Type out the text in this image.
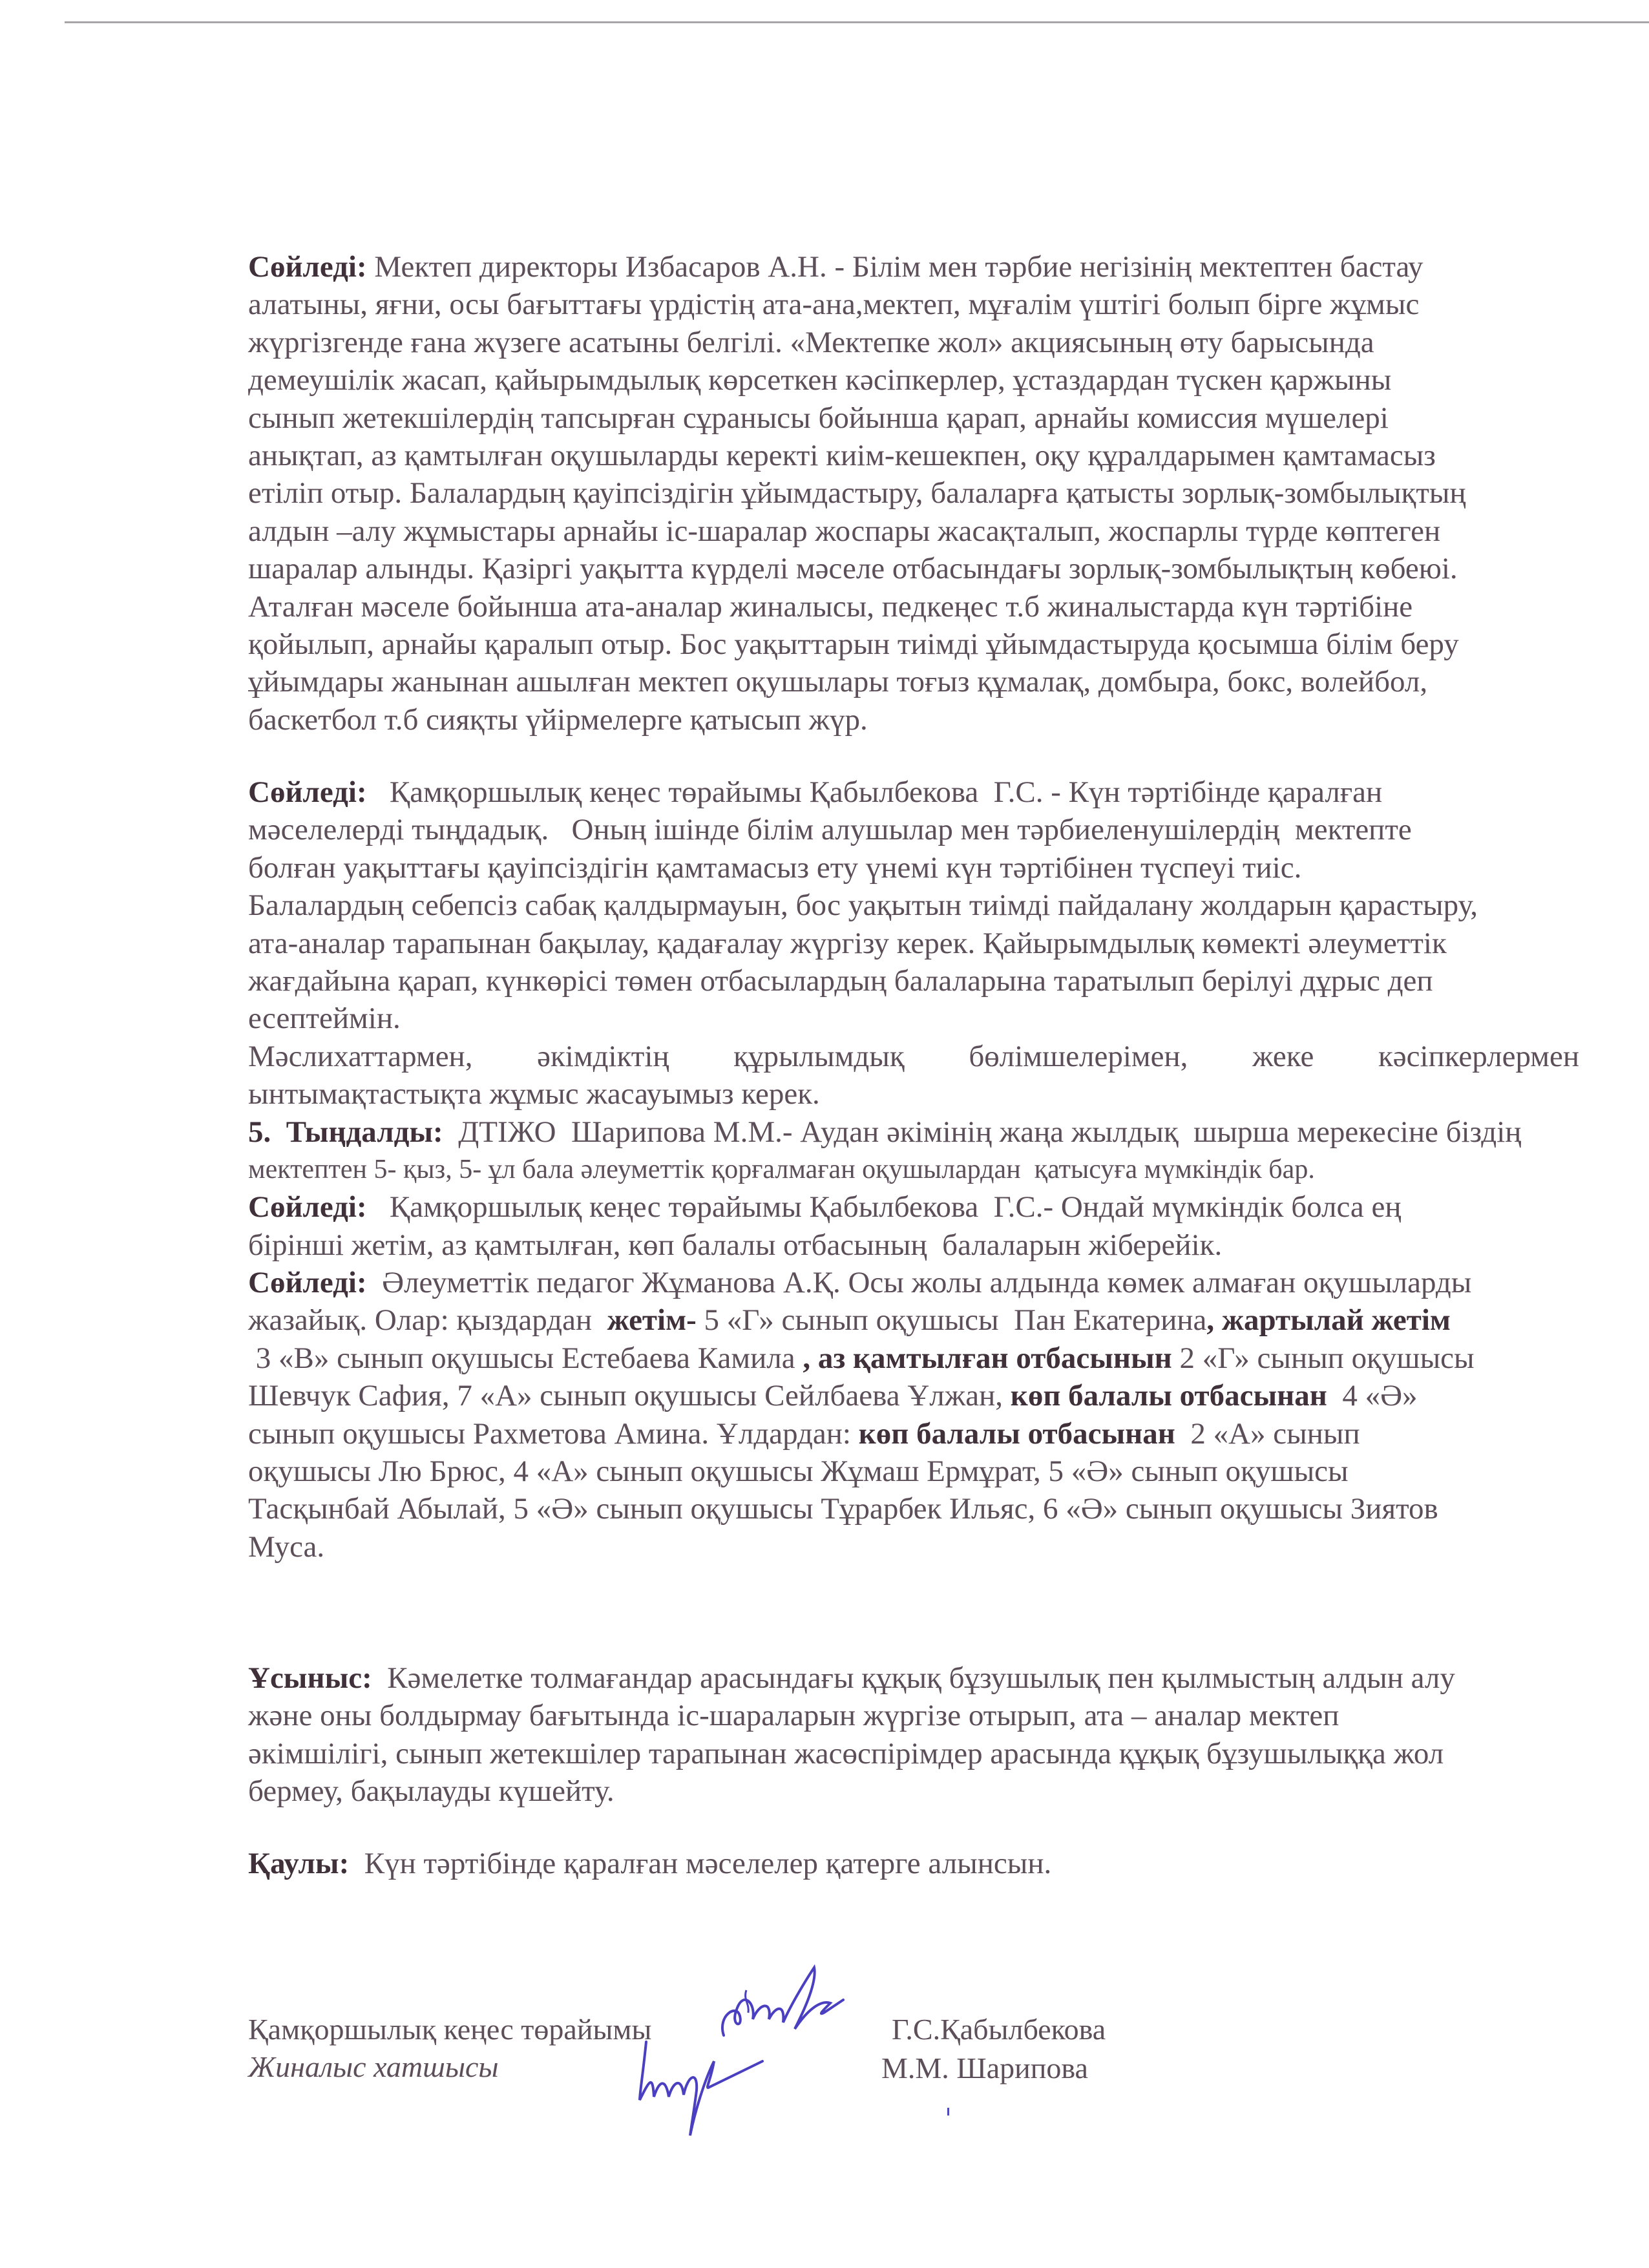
Сөйледі: Мектеп директоры Избасаров А.Н. - Білім мен тәрбие негізінің мектептен бастау
алатыны, яғни, осы бағыттағы үрдістің ата-ана,мектеп, мұғалім үштігі болып бірге жұмыс
жүргізгенде ғана жүзеге асатыны белгілі. «Мектепке жол» акциясының өту барысында
демеушілік жасап, қайырымдылық көрсеткен кәсіпкерлер, ұстаздардан түскен қаржыны
сынып жетекшілердің тапсырған сұранысы бойынша қарап, арнайы комиссия мүшелері
анықтап, аз қамтылған оқушыларды керекті киім-кешекпен, оқу құралдарымен қамтамасыз
етіліп отыр. Балалардың қауіпсіздігін ұйымдастыру, балаларға қатысты зорлық-зомбылықтың
алдын –алу жұмыстары арнайы іс-шаралар жоспары жасақталып, жоспарлы түрде көптеген
шаралар алынды. Қазіргі уақытта күрделі мәселе отбасындағы зорлық-зомбылықтың көбеюі.
Аталған мәселе бойынша ата-аналар жиналысы, педкеңес т.б жиналыстарда күн тәртібіне
қойылып, арнайы қаралып отыр. Бос уақыттарын тиімді ұйымдастыруда қосымша білім беру
ұйымдары жанынан ашылған мектеп оқушылары тоғыз құмалақ, домбыра, бокс, волейбол,
баскетбол т.б сияқты үйірмелерге қатысып жүр.
Сөйледі:   Қамқоршылық кеңес төрайымы Қабылбекова  Г.С. - Күн тәртібінде қаралған
мәселелерді тыңдадық.   Оның ішінде білім алушылар мен тәрбиеленушілердің  мектепте
болған уақыттағы қауіпсіздігін қамтамасыз ету үнемі күн тәртібінен түспеуі тиіс.
Балалардың себепсіз сабақ қалдырмауын, бос уақытын тиімді пайдалану жолдарын қарастыру,
ата-аналар тарапынан бақылау, қадағалау жүргізу керек. Қайырымдылық көмекті әлеуметтік
жағдайына қарап, күнкөрісі төмен отбасылардың балаларына таратылып берілуі дұрыс деп
есептеймін.
Мәслихаттармен, әкімдіктің құрылымдық бөлімшелерімен, жеке кәсіпкерлермен
ынтымақтастықта жұмыс жасауымыз керек.
5.  Тыңдалды:  ДТІЖО  Шарипова М.М.- Аудан әкімінің жаңа жылдық  шырша мерекесіне біздің
мектептен 5- қыз, 5- ұл бала әлеуметтік қорғалмаған оқушылардан  қатысуға мүмкіндік бар.
Сөйледі:   Қамқоршылық кеңес төрайымы Қабылбекова  Г.С.- Ондай мүмкіндік болса ең
бірінші жетім, аз қамтылған, көп балалы отбасының  балаларын жіберейік.
Сөйледі:  Әлеуметтік педагог Жұманова А.Қ. Осы жолы алдында көмек алмаған оқушыларды
жазайық. Олар: қыздардан  жетім- 5 «Г» сынып оқушысы  Пан Екатерина, жартылай жетім
3 «В» сынып оқушысы Естебаева Камила , аз қамтылған отбасынын 2 «Г» сынып оқушысы
Шевчук Сафия, 7 «А» сынып оқушысы Сейлбаева Ұлжан, көп балалы отбасынан  4 «Ә»
сынып оқушысы Рахметова Амина. Ұлдардан: көп балалы отбасынан  2 «А» сынып
оқушысы Лю Брюс, 4 «А» сынып оқушысы Жұмаш Ермұрат, 5 «Ә» сынып оқушысы
Тасқынбай Абылай, 5 «Ә» сынып оқушысы Тұрарбек Ильяс, 6 «Ә» сынып оқушысы Зиятов
Муса.
Ұсыныс:  Кәмелетке толмағандар арасындағы құқық бұзушылық пен қылмыстың алдын алу
және оны болдырмау бағытында іс-шараларын жүргізе отырып, ата – аналар мектеп
әкімшілігі, сынып жетекшілер тарапынан жасөспірімдер арасында құқық бұзушылыққа жол
бермеу, бақылауды күшейту.
Қаулы:  Күн тәртібінде қаралған мәселелер қатерге алынсын.
Қамқоршылық кеңес төрайымы
Жиналыс хатшысы
Г.С.Қабылбекова
М.М. Шарипова
